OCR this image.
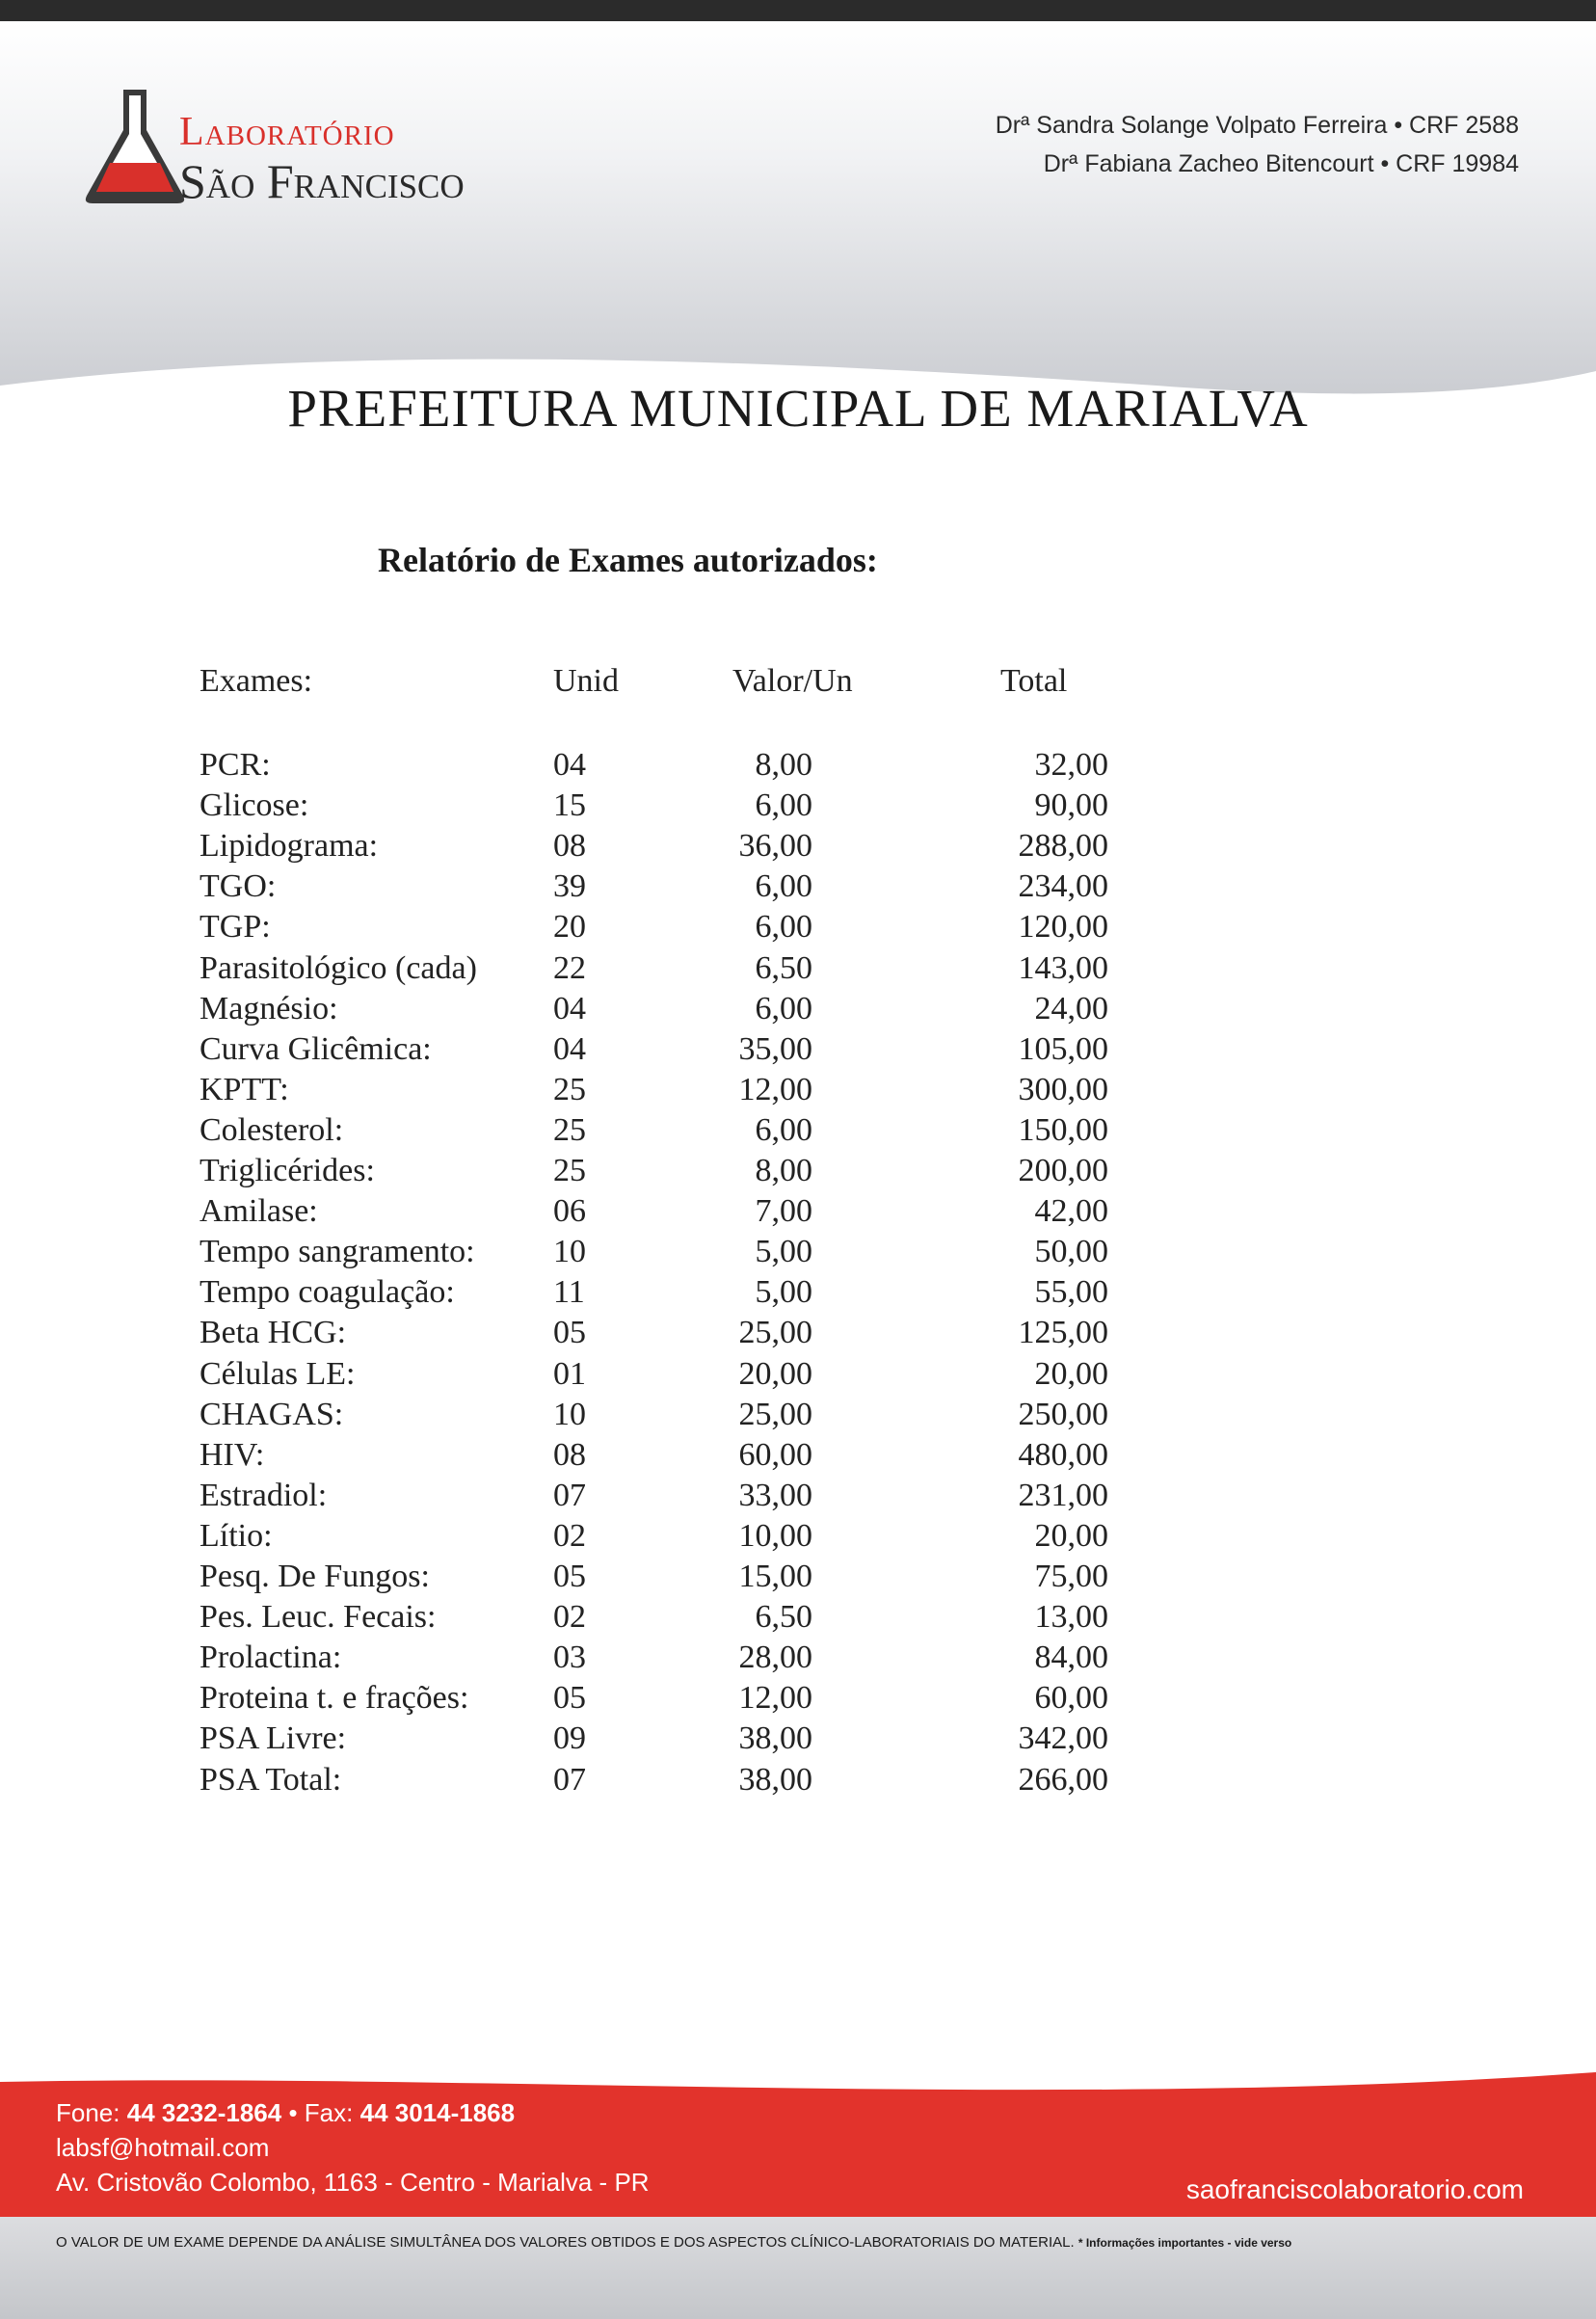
Laboratório
São Francisco
Drª Sandra Solange Volpato Ferreira • CRF 2588
Drª Fabiana Zacheo Bitencourt • CRF 19984
PREFEITURA MUNICIPAL DE MARIALVA
Relatório de Exames autorizados:
Exames:	Unid	Valor/Un	Total
PCR:	04	8,00	32,00
Glicose:	15	6,00	90,00
Lipidograma:	08	36,00	288,00
TGO:	39	6,00	234,00
TGP:	20	6,00	120,00
Parasitológico (cada) 22	6,50	143,00
Magnésio:	04	6,00	24,00
Curva Glicêmica:	04	35,00	105,00
KPTT:	25	12,00	300,00
Colesterol:	25	6,00	150,00
Triglicérides:	25	8,00	200,00
Amilase:	06	7,00	42,00
Tempo sangramento: 10	5,00	50,00
Tempo coagulação:	11	5,00	55,00
Beta HCG:	05	25,00	125,00
Células LE:	01	20,00	20,00
CHAGAS:	10	25,00	250,00
HIV:	08	60,00	480,00
Estradiol:	07	33,00	231,00
Lítio:	02	10,00	20,00
Pesq. De Fungos:	05	15,00	75,00
Pes. Leuc. Fecais:	02	6,50	13,00
Prolactina:	03	28,00	84,00
Proteina t. e frações:	05	12,00	60,00
PSA Livre:	09	38,00	342,00
PSA Total:	07	38,00	266,00
Fone: 44 3232-1864 • Fax: 44 3014-1868
labsf@hotmail.com
Av. Cristovão Colombo, 1163 - Centro - Marialva - PR	saofranciscolaboratorio.com
O VALOR DE UM EXAME DEPENDE DA ANÁLISE SIMULTÂNEA DOS VALORES OBTIDOS E DOS ASPECTOS CLÍNICO-LABORATORIAIS DO MATERIAL. * Informações importantes - vide verso
